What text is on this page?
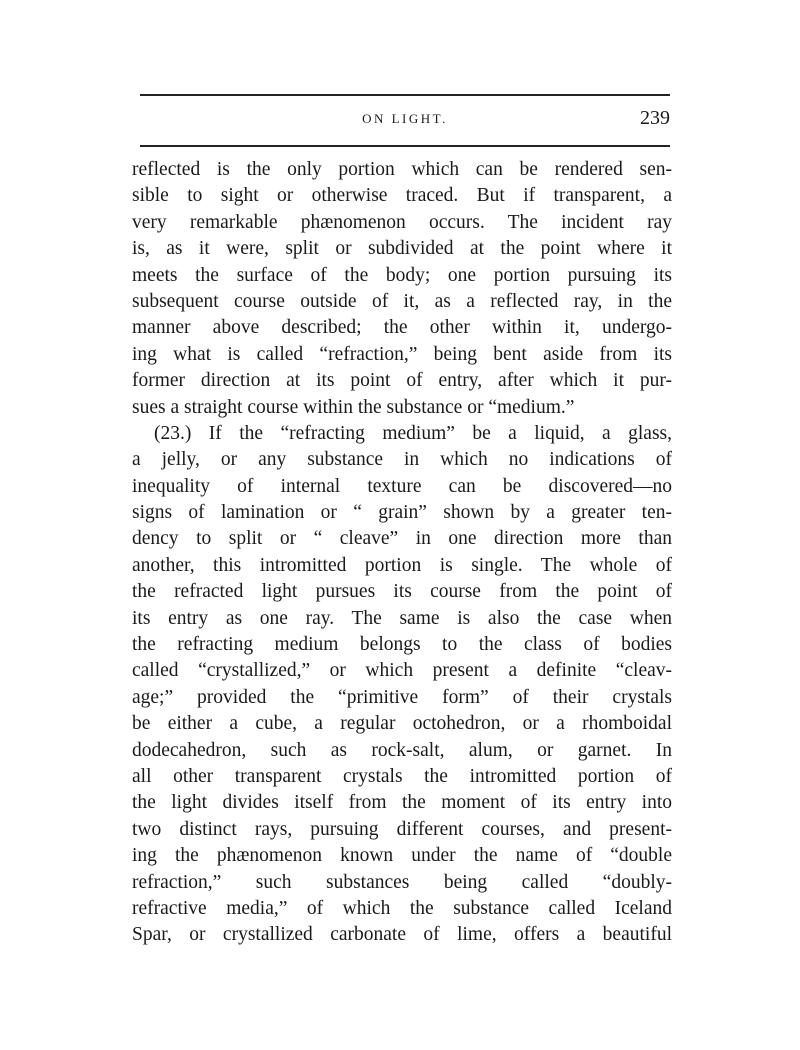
ON LIGHT.	239
reflected is the only portion which can be rendered sen-
sible to sight or otherwise traced. But if transparent, a
very remarkable phænomenon occurs. The incident ray
is, as it were, split or subdivided at the point where it
meets the surface of the body; one portion pursuing its
subsequent course outside of it, as a reflected ray, in the
manner above described; the other within it, undergo-
ing what is called “refraction,” being bent aside from its
former direction at its point of entry, after which it pur-
sues a straight course within the substance or “medium.”
(23.) If the “refracting medium” be a liquid, a glass,
a jelly, or any substance in which no indications of
inequality of internal texture can be discovered—no
signs of lamination or “ grain” shown by a greater ten-
dency to split or “ cleave” in one direction more than
another, this intromitted portion is single. The whole of
the refracted light pursues its course from the point of
its entry as one ray. The same is also the case when
the refracting medium belongs to the class of bodies
called “crystallized,” or which present a definite “cleav-
age;” provided the “primitive form” of their crystals
be either a cube, a regular octohedron, or a rhomboidal
dodecahedron, such as rock-salt, alum, or garnet. In
all other transparent crystals the intromitted portion of
the light divides itself from the moment of its entry into
two distinct rays, pursuing different courses, and present-
ing the phænomenon known under the name of “double
refraction,” such substances being called “doubly-
refractive media,” of which the substance called Iceland
Spar, or crystallized carbonate of lime, offers a beautiful
